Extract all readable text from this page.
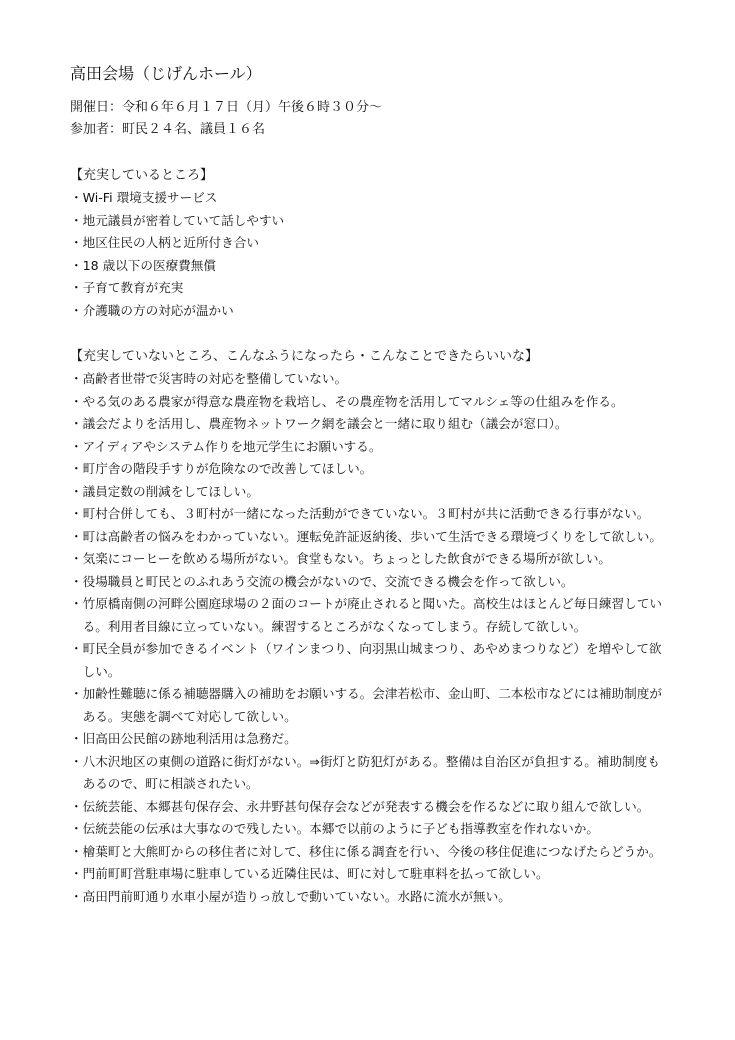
高田会場（じげんホール）
開催日：令和６年６月１７日（月）午後６時３０分～
参加者：町民２４名、議員１６名
【充実しているところ】
・ Wi-Fi 環境支援サービス
・ 地元議員が密着していて話しやすい
・ 地区住民の人柄と近所付き合い
・ 18 歳以下の医療費無償
・ 子育て教育が充実
・ 介護職の方の対応が温かい
【充実していないところ、こんなふうになったら・こんなことできたらいいな】
・ 高齢者世帯で災害時の対応を整備していない。
・ やる気のある農家が得意な農産物を栽培し、その農産物を活用してマルシェ等の仕組みを作る。
・ 議会だよりを活用し、農産物ネットワーク網を議会と一緒に取り組む（議会が窓口）。
・ アイディアやシステム作りを地元学生にお願いする。
・ 町庁舎の階段手すりが危険なので改善してほしい。
・ 議員定数の削減をしてほしい。
・ 町村合併しても、３町村が一緒になった活動ができていない。３町村が共に活動できる行事がない。
・ 町は高齢者の悩みをわかっていない。運転免許証返納後、歩いて生活できる環境づくりをして欲しい。
・ 気楽にコーヒーを飲める場所がない。食堂もない。ちょっとした飲食ができる場所が欲しい。
・ 役場職員と町民とのふれあう交流の機会がないので、交流できる機会を作って欲しい。
・ 竹原橋南側の河畔公園庭球場の２面のコートが廃止されると聞いた。高校生はほとんど毎日練習している。利用者目線に立っていない。練習するところがなくなってしまう。存続して欲しい。
・ 町民全員が参加できるイベント（ワインまつり、向羽黒山城まつり、あやめまつりなど）を増やして欲しい。
・ 加齢性難聴に係る補聴器購入の補助をお願いする。会津若松市、金山町、二本松市などには補助制度がある。実態を調べて対応して欲しい。
・ 旧高田公民館の跡地利活用は急務だ。
・ 八木沢地区の東側の道路に街灯がない。⇒街灯と防犯灯がある。整備は自治区が負担する。補助制度もあるので、町に相談されたい。
・ 伝統芸能、本郷甚句保存会、永井野甚句保存会などが発表する機会を作るなどに取り組んで欲しい。
・ 伝統芸能の伝承は大事なので残したい。本郷で以前のように子ども指導教室を作れないか。
・ 檜葉町と大熊町からの移住者に対して、移住に係る調査を行い、今後の移住促進につなげたらどうか。
・ 門前町町営駐車場に駐車している近隣住民は、町に対して駐車料を払って欲しい。
・ 高田門前町通り水車小屋が造りっ放しで動いていない。水路に流水が無い。
